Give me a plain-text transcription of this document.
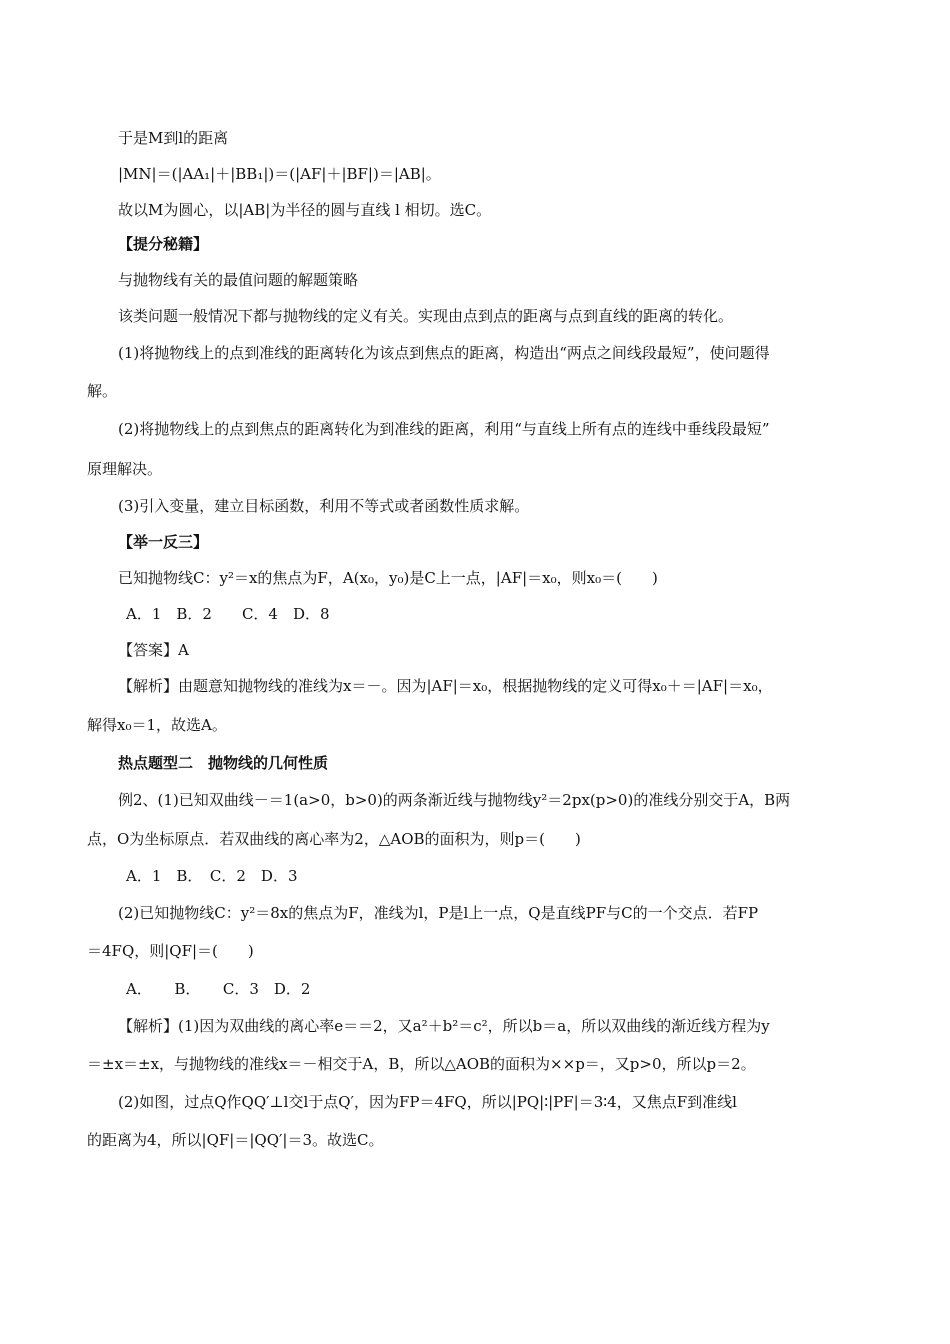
于是M到l的距离
|MN|＝(|AA₁|＋|BB₁|)＝(|AF|＋|BF|)＝|AB|。
故以M为圆心，以|AB|为半径的圆与直线 l 相切。选C。
【提分秘籍】
与抛物线有关的最值问题的解题策略
该类问题一般情况下都与抛物线的定义有关。实现由点到点的距离与点到直线的距离的转化。
(1)将抛物线上的点到准线的距离转化为该点到焦点的距离，构造出“两点之间线段最短”，使问题得
解。
(2)将抛物线上的点到焦点的距离转化为到准线的距离，利用“与直线上所有点的连线中垂线段最短”
原理解决。
(3)引入变量，建立目标函数，利用不等式或者函数性质求解。
【举一反三】
已知抛物线C：y²＝x的焦点为F，A(x₀，y₀)是C上一点，|AF|＝x₀，则x₀＝(　　)
A．1　B．2　　C．4　D．8
【答案】A
【解析】由题意知抛物线的准线为x＝－。因为|AF|＝x₀，根据抛物线的定义可得x₀＋＝|AF|＝x₀，
解得x₀＝1，故选A。
热点题型二　抛物线的几何性质
例2、(1)已知双曲线－＝1(a>0，b>0)的两条渐近线与抛物线y²＝2px(p>0)的准线分别交于A，B两
点，O为坐标原点．若双曲线的离心率为2，△AOB的面积为，则p＝(　　)
A．1　B．　C．2　D．3
(2)已知抛物线C：y²＝8x的焦点为F，准线为l，P是l上一点，Q是直线PF与C的一个交点．若FP
＝4FQ，则|QF|＝(　　)
A．　　B．　　C．3　D．2
【解析】(1)因为双曲线的离心率e＝＝2，又a²＋b²＝c²，所以b＝a，所以双曲线的渐近线方程为y
＝±x＝±x，与抛物线的准线x＝－相交于A，B，所以△AOB的面积为××p＝，又p>0，所以p＝2。
(2)如图，过点Q作QQ′⊥l交l于点Q′，因为FP＝4FQ，所以|PQ|∶|PF|＝3∶4，又焦点F到准线l
的距离为4，所以|QF|＝|QQ′|＝3。故选C。
